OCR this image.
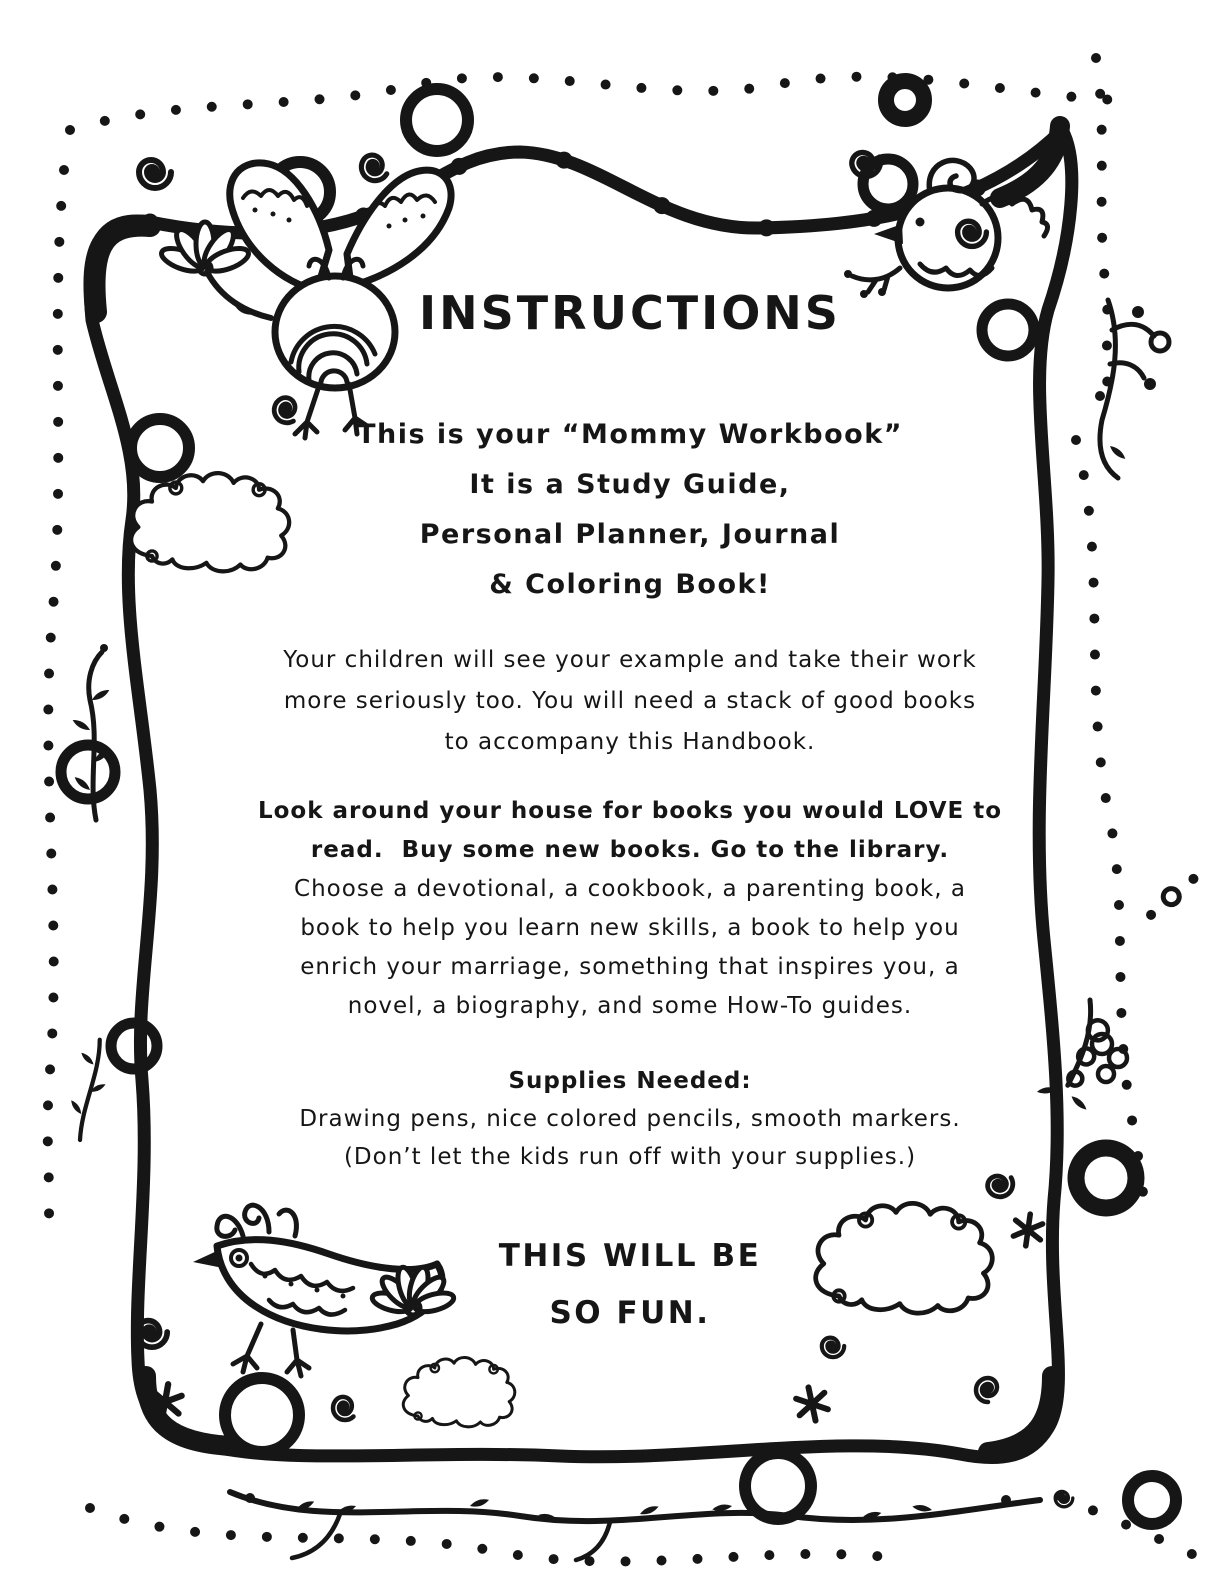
INSTRUCTIONS
This is your “Mommy Workbook”
It is a Study Guide,
Personal Planner, Journal
& Coloring Book!
Your children will see your example and take their work
more seriously too. You will need a stack of good books
to accompany this Handbook.
Look around your house for books you would LOVE to
read.  Buy some new books. Go to the library.
Choose a devotional, a cookbook, a parenting book, a
book to help you learn new skills, a book to help you
enrich your marriage, something that inspires you, a
novel, a biography, and some How-To guides.
Supplies Needed:
Drawing pens, nice colored pencils, smooth markers.
(Don’t let the kids run off with your supplies.)
THIS WILL BE
SO FUN.
